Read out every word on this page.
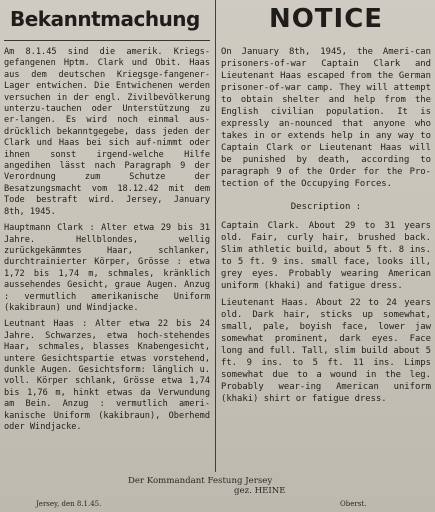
Bekanntmachung

Am 8.1.45 sind die amerik. Kriegs-gefangenen Hptm. Clark und Obit. Haas aus dem deutschen Kriegsge-fangener-Lager entwichen. Die Entwichenen werden versuchen in der engl. Zivilbevölkerung unterzu-tauchen oder Unterstützung zu er-langen. Es wird noch einmal aus-drücklich bekanntgegebe, dass jeden der Clark und Haas bei sich auf-nimmt oder ihnen sonst irgend-welche Hilfe angedihen lässt nach Paragraph 9 der Verordnung zum Schutze der Besatzungsmacht vom 18.12.42 mit dem Tode bestraft wird. Jersey, January 8th, 1945.

Hauptmann Clark : Alter etwa 29 bis 31 Jahre. Hellblondes, wellig zurückgekämmtes Haar, schlanker, durchtrainierter Körper, Grösse : etwa 1,72 bis 1,74 m, schmales, kränklich aussehendes Gesicht, graue Augen. Anzug : vermutlich amerikanische Uniform (kakibraun) und Windjacke.

Leutnant Haas : Alter etwa 22 bis 24 Jahre. Schwarzes, etwa hoch-stehendes Haar, schmales, blasses Knabengesicht, untere Gesichtspartie etwas vorstehend, dunkle Augen. Gesichtsform: länglich u. voll. Körper schlank, Grösse etwa 1,74 bis 1,76 m, hinkt etwas da Verwundung am Bein. Anzug : vermutlich ameri-kanische Uniform (kakibraun), Oberhemd oder Windjacke.

NOTICE

On January 8th, 1945, the Ameri-can prisoners-of-war Captain Clark and Lieutenant Haas escaped from the German prisoner-of-war camp. They will attempt to obtain shelter and help from the English civilian population. It is expressly an-nounced that anyone who takes in or extends help in any way to Captain Clark or Lieutenant Haas will be punished by death, according to paragraph 9 of the Order for the Pro-tection of the Occupying Forces.

Description :

Captain Clark. About 29 to 31 years old. Fair, curly hair, brushed back. Slim athletic build, about 5 ft. 8 ins. to 5 ft. 9 ins. small face, looks ill, grey eyes. Probably wearing American uniform (khaki) and fatigue dress.

Lieutenant Haas. About 22 to 24 years old. Dark hair, sticks up somewhat, small, pale, boyish face, lower jaw somewhat prominent, dark eyes. Face long and full. Tall, slim build about 5 ft. 9 ins. to 5 ft. 11 ins. Limps somewhat due to a wound in the leg. Probably wear-ing American uniform (khaki) shirt or fatigue dress.

Der Kommandant Festung Jersey
gez. HEINE
Jersey, den 8.1.45.	Oberst.
